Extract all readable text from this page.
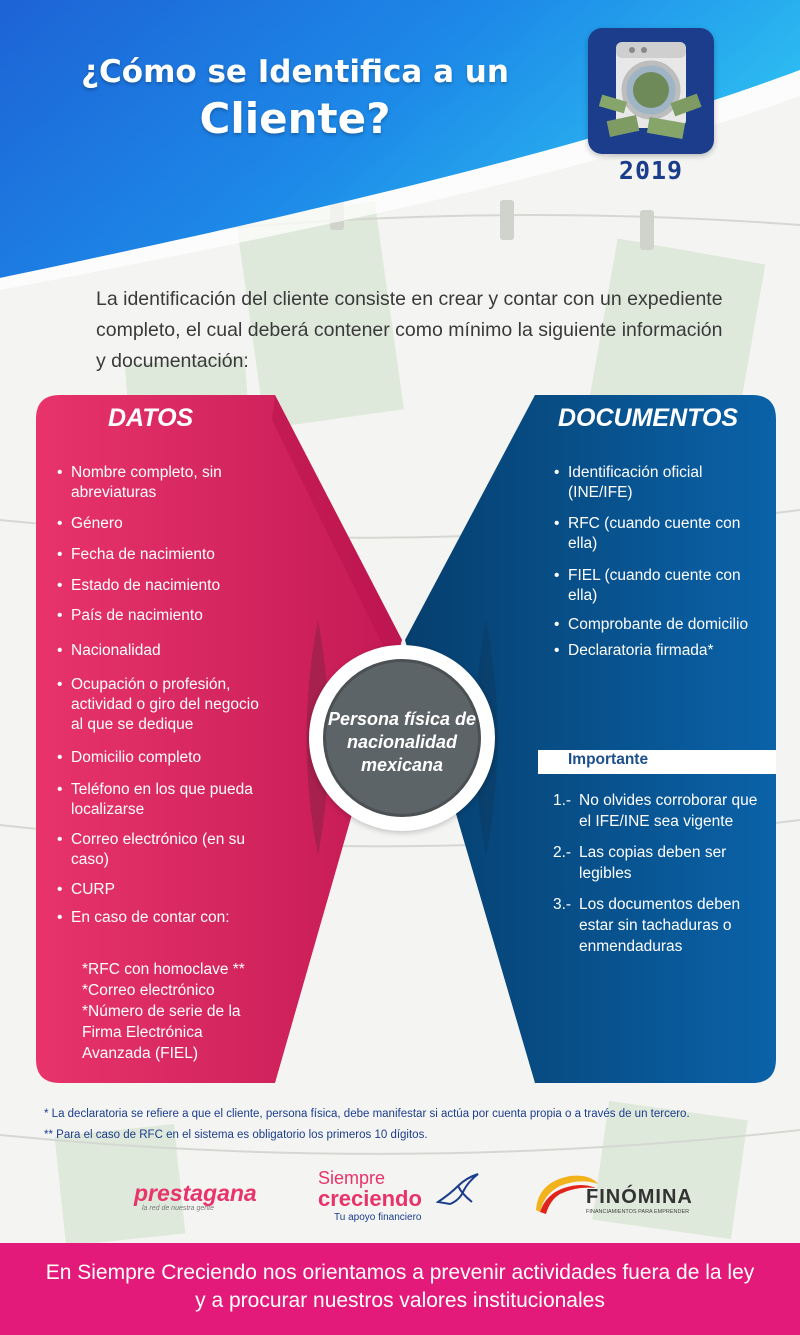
¿Cómo se Identifica a un
Cliente?
2019
La identificación del cliente consiste en crear y contar con un expediente completo, el cual deberá contener como mínimo la siguiente información y documentación:
DATOS	DOCUMENTOS
• Nombre completo, sin abreviaturas
• Género
• Fecha de nacimiento
• Estado de nacimiento
• País de nacimiento
• Nacionalidad
• Ocupación o profesión, actividad o giro del negocio al que se dedique
• Domicilio completo
• Teléfono en los que pueda localizarse
• Correo electrónico (en su caso)
• CURP
• En caso de contar con:
*RFC con homoclave **
*Correo electrónico
*Número de serie de la Firma Electrónica Avanzada (FIEL)
• Identificación oficial (INE/IFE)
• RFC (cuando cuente con ella)
• FIEL (cuando cuente con ella)
• Comprobante de domicilio
• Declaratoria firmada*
Importante
1.- No olvides corroborar que el IFE/INE sea vigente
2.- Las copias deben ser legibles
3.- Los documentos deben estar sin tachaduras o enmendaduras
Persona física de nacionalidad mexicana
* La declaratoria se refiere a que el cliente, persona física, debe manifestar si actúa por cuenta propia o a través de un tercero.
** Para el caso de RFC en el sistema es obligatorio los primeros 10 dígitos.
prestagana
la red de nuestra gente
Siempre
creciendo
Tu apoyo financiero
FINÓMINA
FINANCIAMIENTOS PARA EMPRENDER
En Siempre Creciendo nos orientamos a prevenir actividades fuera de la ley y a procurar nuestros valores institucionales
